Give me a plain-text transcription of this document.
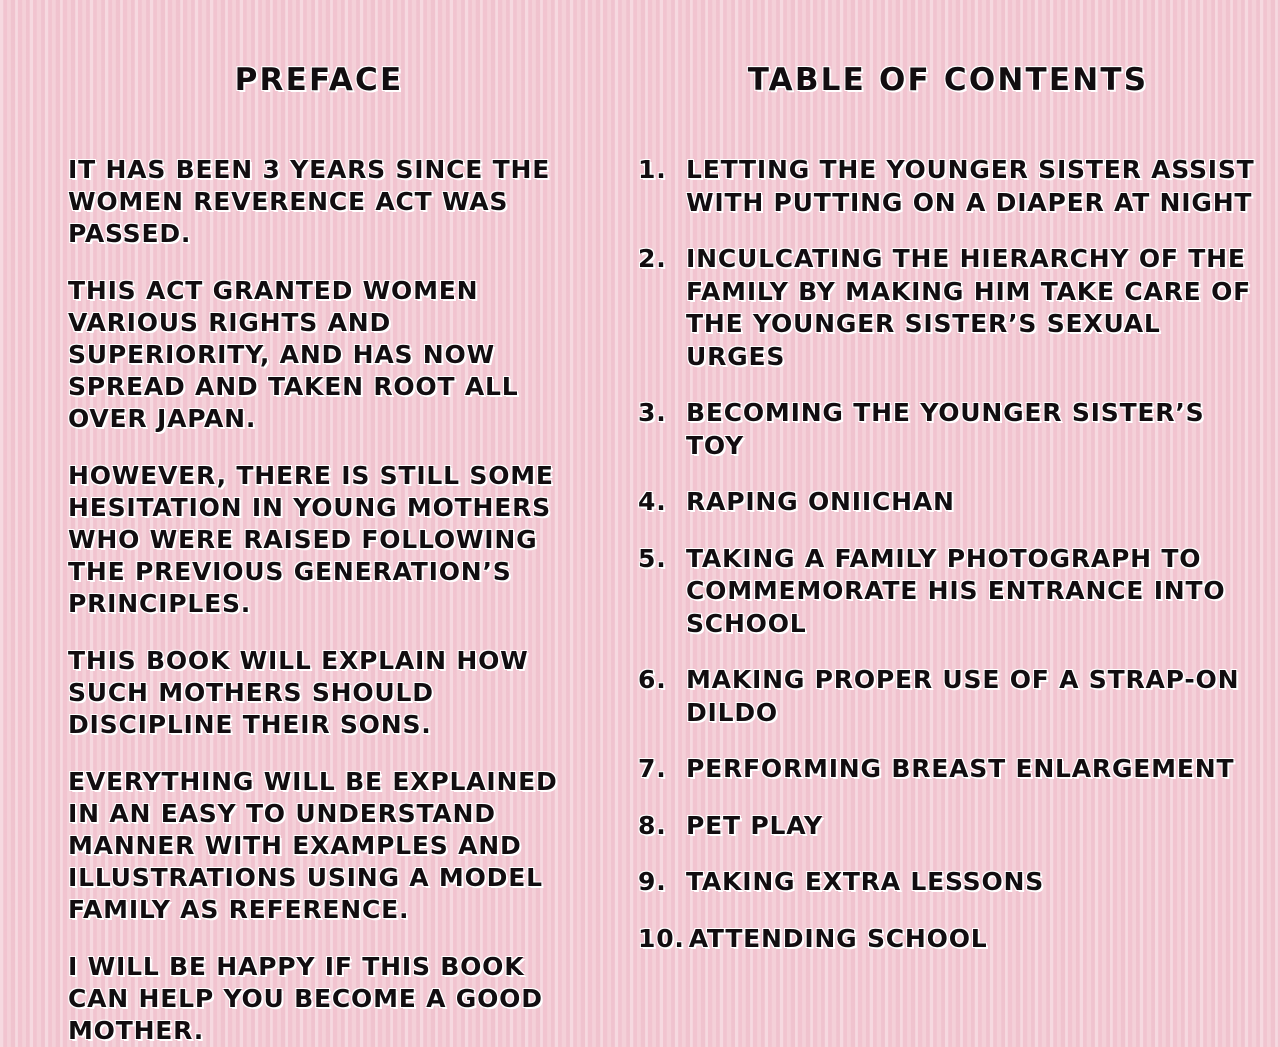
PREFACE

IT HAS BEEN 3 YEARS SINCE THE WOMEN REVERENCE ACT WAS PASSED.

THIS ACT GRANTED WOMEN VARIOUS RIGHTS AND SUPERIORITY, AND HAS NOW SPREAD AND TAKEN ROOT ALL OVER JAPAN.

HOWEVER, THERE IS STILL SOME HESITATION IN YOUNG MOTHERS WHO WERE RAISED FOLLOWING THE PREVIOUS GENERATION’S PRINCIPLES.

THIS BOOK WILL EXPLAIN HOW SUCH MOTHERS SHOULD DISCIPLINE THEIR SONS.

EVERYTHING WILL BE EXPLAINED IN AN EASY TO UNDERSTAND MANNER WITH EXAMPLES AND ILLUSTRATIONS USING A MODEL FAMILY AS REFERENCE.

I WILL BE HAPPY IF THIS BOOK CAN HELP YOU BECOME A GOOD MOTHER.

TABLE OF CONTENTS
1. LETTING THE YOUNGER SISTER ASSIST WITH PUTTING ON A DIAPER AT NIGHT
2. INCULCATING THE HIERARCHY OF THE FAMILY BY MAKING HIM TAKE CARE OF THE YOUNGER SISTER’S SEXUAL URGES
3. BECOMING THE YOUNGER SISTER’S TOY
4. RAPING ONIICHAN
5. TAKING A FAMILY PHOTOGRAPH TO COMMEMORATE HIS ENTRANCE INTO SCHOOL
6. MAKING PROPER USE OF A STRAP-ON DILDO
7. PERFORMING BREAST ENLARGEMENT
8. PET PLAY
9. TAKING EXTRA LESSONS
10. ATTENDING SCHOOL
